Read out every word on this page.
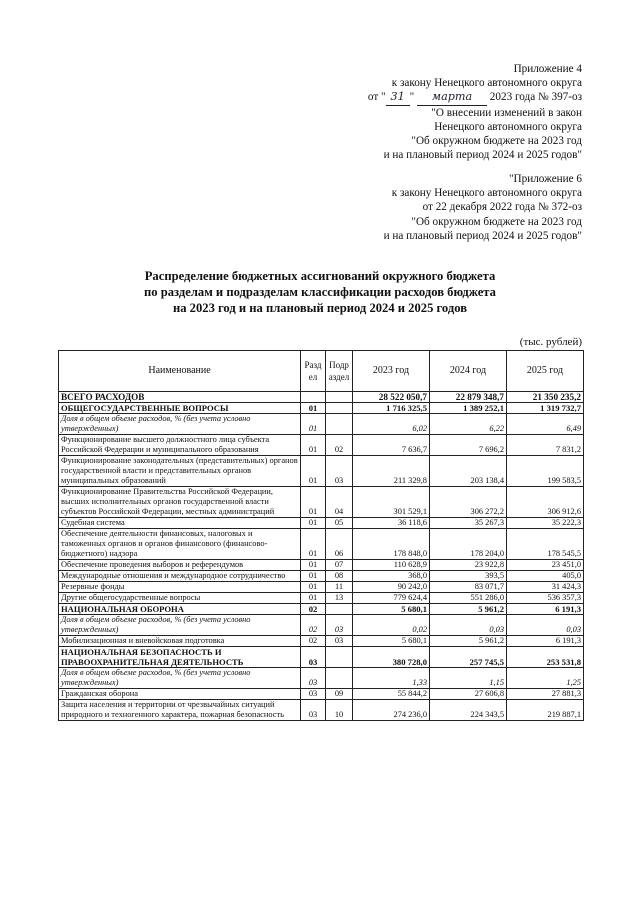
Приложение 4
к закону Ненецкого автономного округа
от " 31 " марта 2023 года № 397-оз
"О внесении изменений в закон
Ненецкого автономного округа
"Об окружном бюджете на 2023 год
и на плановый период 2024 и 2025 годов"
"Приложение 6
к закону Ненецкого автономного округа
от 22 декабря 2022 года № 372-оз
"Об окружном бюджете на 2023 год
и на плановый период 2024 и 2025 годов"
Распределение бюджетных ассигнований окружного бюджета
по разделам и подразделам классификации расходов бюджета
на 2023 год и на плановый период 2024 и 2025 годов
(тыс. рублей)
Наименование	Раздел	Подраздел	2023 год	2024 год	2025 год
ВСЕГО РАСХОДОВ			28 522 050,7	22 879 348,7	21 350 235,2
ОБЩЕГОСУДАРСТВЕННЫЕ ВОПРОСЫ	01		1 716 325,5	1 389 252,1	1 319 732,7
Доля в общем объеме расходов, % (без учета условно утвержденных)	01		6,02	6,22	6,49
Функционирование высшего должностного лица субъекта Российской Федерации и муниципального образования	01	02	7 636,7	7 696,2	7 831,2
Функционирование законодательных (представительных) органов государственной власти и представительных органов муниципальных образований	01	03	211 329,8	203 138,4	199 583,5
Функционирование Правительства Российской Федерации, высших исполнительных органов государственной власти субъектов Российской Федерации, местных администраций	01	04	301 529,1	306 272,2	306 912,6
Судебная система	01	05	36 118,6	35 267,3	35 222,3
Обеспечение деятельности финансовых, налоговых и таможенных органов и органов финансового (финансово-бюджетного) надзора	01	06	178 848,0	178 204,0	178 545,5
Обеспечение проведения выборов и референдумов	01	07	110 628,9	23 922,8	23 451,0
Международные отношения и международное сотрудничество	01	08	368,0	393,5	405,0
Резервные фонды	01	11	90 242,0	83 071,7	31 424,3
Другие общегосударственные вопросы	01	13	779 624,4	551 286,0	536 357,3
НАЦИОНАЛЬНАЯ ОБОРОНА	02		5 680,1	5 961,2	6 191,3
Доля в общем объеме расходов, % (без учета условно утвержденных)	02	03	0,02	0,03	0,03
Мобилизационная и вневойсковая подготовка	02	03	5 680,1	5 961,2	6 191,3
НАЦИОНАЛЬНАЯ БЕЗОПАСНОСТЬ И ПРАВООХРАНИТЕЛЬНАЯ ДЕЯТЕЛЬНОСТЬ	03		380 728,0	257 745,5	253 531,8
Доля в общем объеме расходов, % (без учета условно утвержденных)	03		1,33	1,15	1,25
Гражданская оборона	03	09	55 844,2	27 606,8	27 881,3
Защита населения и территории от чрезвычайных ситуаций природного и техногенного характера, пожарная безопасность	03	10	274 236,0	224 343,5	219 887,1
